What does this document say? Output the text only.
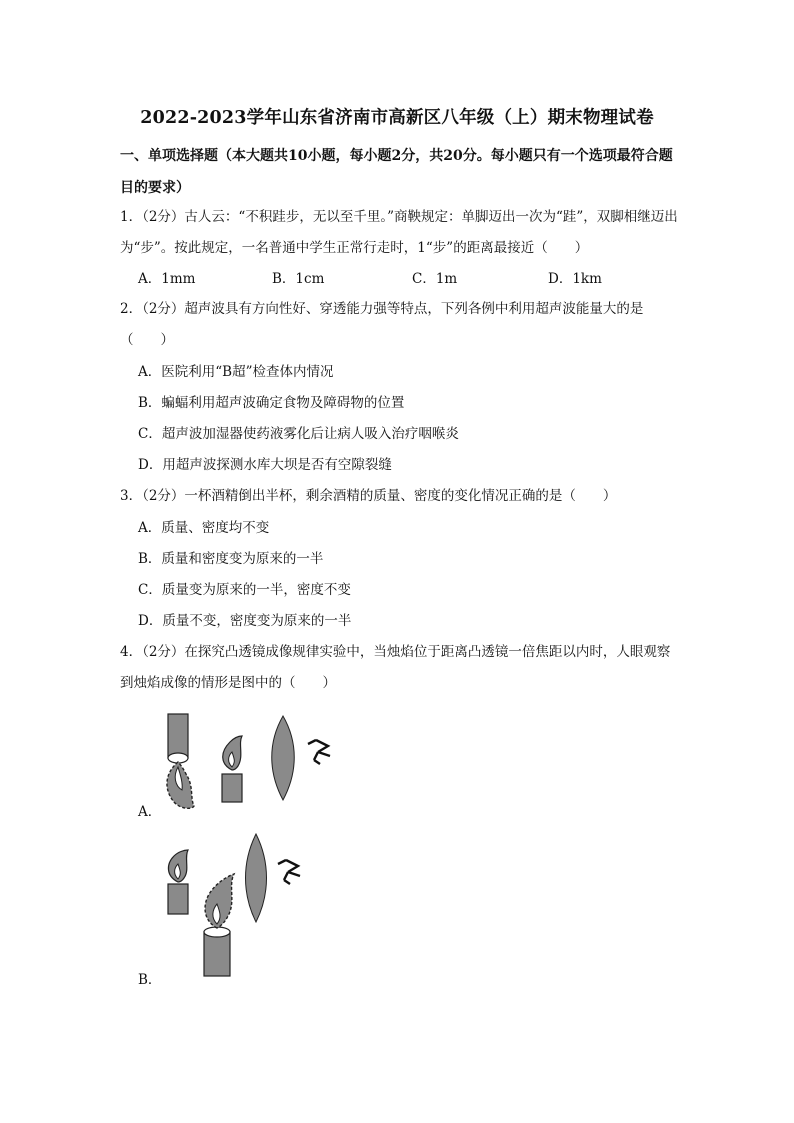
2022-2023学年山东省济南市高新区八年级（上）期末物理试卷
一、单项选择题（本大题共10小题，每小题2分，共20分。每小题只有一个选项最符合题目的要求）
1．（2分）古人云：“不积跬步，无以至千里。”商鞅规定：单脚迈出一次为“跬”，双脚相继迈出为“步”。按此规定，一名普通中学生正常行走时，1“步”的距离最接近（　　）
A．1mm	B．1cm	C．1m	D．1km
2．（2分）超声波具有方向性好、穿透能力强等特点，下列各例中利用超声波能量大的是（　　）
A．医院利用“B超”检查体内情况
B．蝙蝠利用超声波确定食物及障碍物的位置
C．超声波加湿器使药液雾化后让病人吸入治疗咽喉炎
D．用超声波探测水库大坝是否有空隙裂缝
3．（2分）一杯酒精倒出半杯，剩余酒精的质量、密度的变化情况正确的是（　　）
A．质量、密度均不变
B．质量和密度变为原来的一半
C．质量变为原来的一半，密度不变
D．质量不变，密度变为原来的一半
4．（2分）在探究凸透镜成像规律实验中，当烛焰位于距离凸透镜一倍焦距以内时，人眼观察到烛焰成像的情形是图中的（　　）
A．
B．
